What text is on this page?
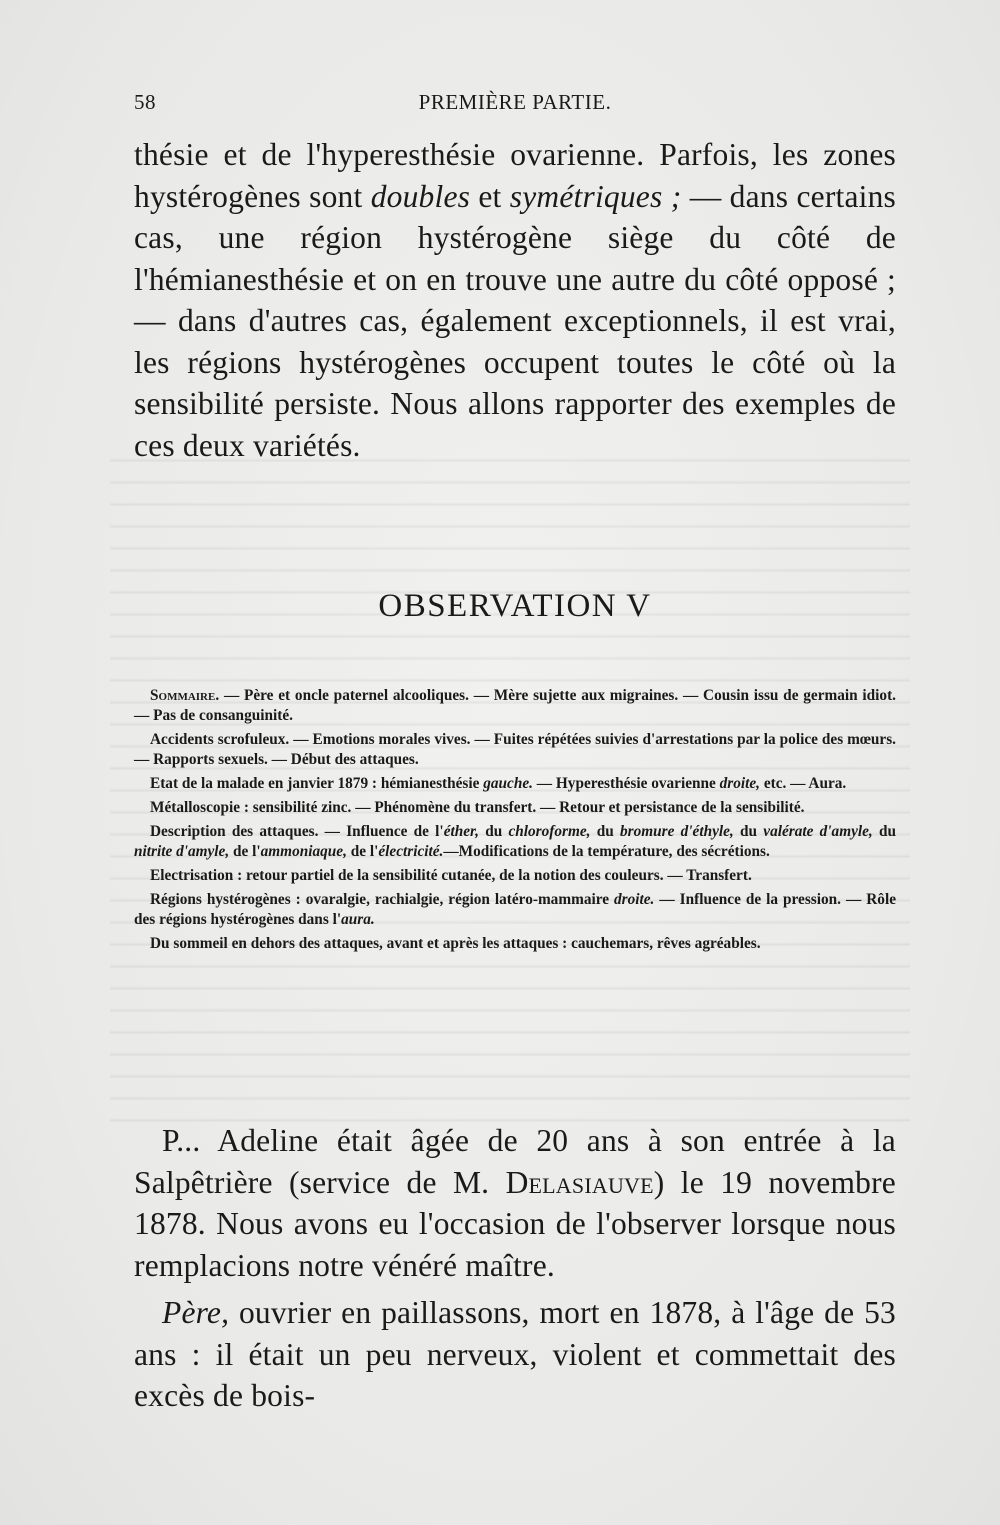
58	PREMIÈRE PARTIE.
thésie et de l'hyperesthésie ovarienne. Parfois, les zones hystérogènes sont doubles et symétriques ; — dans certains cas, une région hystérogène siège du côté de l'hémianesthésie et on en trouve une autre du côté opposé ; — dans d'autres cas, également exceptionnels, il est vrai, les régions hystérogènes occupent toutes le côté où la sensibilité persiste. Nous allons rapporter des exemples de ces deux variétés.
OBSERVATION V

Sommaire. — Père et oncle paternel alcooliques. — Mère sujette aux migraines. — Cousin issu de germain idiot. — Pas de consanguinité.

Accidents scrofuleux. — Emotions morales vives. — Fuites répétées suivies d'arrestations par la police des mœurs. — Rapports sexuels. — Début des attaques.

Etat de la malade en janvier 1879 : hémianesthésie gauche. — Hyperesthésie ovarienne droite, etc. — Aura.

Métalloscopie : sensibilité zinc. — Phénomène du transfert. — Retour et persistance de la sensibilité.

Description des attaques. — Influence de l'éther, du chloroforme, du bromure d'éthyle, du valérate d'amyle, du nitrite d'amyle, de l'ammoniaque, de l'électricité.—Modifications de la température, des sécrétions.

Electrisation : retour partiel de la sensibilité cutanée, de la notion des couleurs. — Transfert.

Régions hystérogènes : ovaralgie, rachialgie, région latéro-mammaire droite. — Influence de la pression. — Rôle des régions hystérogènes dans l'aura.

Du sommeil en dehors des attaques, avant et après les attaques : cauchemars, rêves agréables.

P... Adeline était âgée de 20 ans à son entrée à la Salpêtrière (service de M. Delasiauve) le 19 novembre 1878. Nous avons eu l'occasion de l'observer lorsque nous remplacions notre vénéré maître.

Père, ouvrier en paillassons, mort en 1878, à l'âge de 53 ans : il était un peu nerveux, violent et commettait des excès de bois-
